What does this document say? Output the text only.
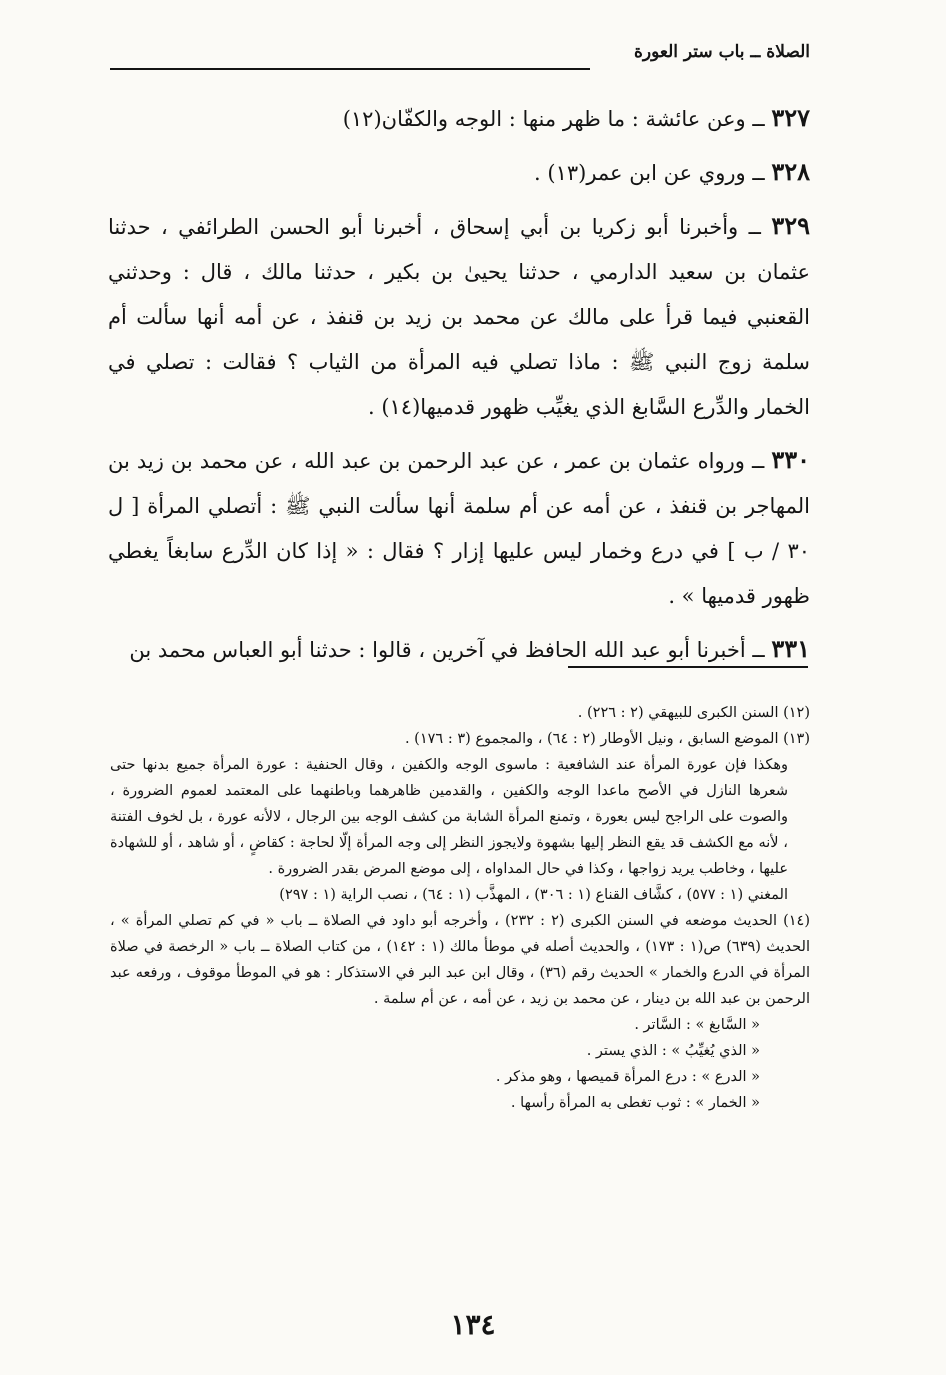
الصلاة ــ باب ستر العورة

٣٢٧ ــ وعن عائشة : ما ظهر منها : الوجه والكفّان(١٢)

٣٢٨ ــ وروي عن ابن عمر(١٣) .

٣٢٩ ــ وأخبرنا أبو زكريا بن أبي إسحاق ، أخبرنا أبو الحسن الطرائفي ، حدثنا عثمان بن سعيد الدارمي ، حدثنا يحيىٰ بن بكير ، حدثنا مالك ، قال : وحدثني القعنبي فيما قرأ على مالك عن محمد بن زيد بن قنفذ ، عن أمه أنها سألت أم سلمة زوج النبي ﷺ : ماذا تصلي فيه المرأة من الثياب ؟ فقالت : تصلي في الخمار والدِّرع السَّابغ الذي يغيِّب ظهور قدميها(١٤) .

٣٣٠ ــ ورواه عثمان بن عمر ، عن عبد الرحمن بن عبد الله ، عن محمد بن زيد بن المهاجر بن قنفذ ، عن أمه عن أم سلمة أنها سألت النبي ﷺ : أتصلي المرأة [ ل ٣٠ / ب ] في درع وخمار ليس عليها إزار ؟ فقال : « إذا كان الدِّرع سابغاً يغطي ظهور قدميها » .

٣٣١ ــ أخبرنا أبو عبد الله الحافظ في آخرين ، قالوا : حدثنا أبو العباس محمد بن

(١٢) السنن الكبرى للبيهقي (٢ : ٢٢٦) .

(١٣) الموضع السابق ، ونيل الأوطار (٢ : ٦٤) ، والمجموع (٣ : ١٧٦) .

وهكذا فإن عورة المرأة عند الشافعية : ماسوى الوجه والكفين ، وقال الحنفية : عورة المرأة جميع بدنها حتى شعرها النازل في الأصح ماعدا الوجه والكفين ، والقدمين ظاهرهما وباطنهما على المعتمد لعموم الضرورة ، والصوت على الراجح ليس بعورة ، وتمنع المرأة الشابة من كشف الوجه بين الرجال ، لالأنه عورة ، بل لخوف الفتنة ، لأنه مع الكشف قد يقع النظر إليها بشهوة ولايجوز النظر إلى وجه المرأة إلّا لحاجة : كقاضٍ ، أو شاهد ، أو للشهادة عليها ، وخاطب يريد زواجها ، وكذا في حال المداواه ، إلى موضع المرض بقدر الضرورة .

المغني (١ : ٥٧٧) ، كشَّاف القناع (١ : ٣٠٦) ، المهذَّب (١ : ٦٤) ، نصب الراية (١ : ٢٩٧)

(١٤) الحديث موضعه في السنن الكبرى (٢ : ٢٣٢) ، وأخرجه أبو داود في الصلاة ــ باب « في كم تصلي المرأة » ، الحديث (٦٣٩) ص(١ : ١٧٣) ، والحديث أصله في موطأ مالك (١ : ١٤٢) ، من كتاب الصلاة ــ باب « الرخصة في صلاة المرأة في الدرع والخمار » الحديث رقم (٣٦) ، وقال ابن عبد البر في الاستذكار : هو في الموطأ موقوف ، ورفعه عبد الرحمن بن عبد الله بن دينار ، عن محمد بن زيد ، عن أمه ، عن أم سلمة .

« السَّابغ » : السَّاتر .

« الذي يُغيِّبُ » : الذي يستر .

« الدرع » : درع المرأة قميصها ، وهو مذكر .

« الخمار » : ثوب تغطى به المرأة رأسها .

١٣٤
